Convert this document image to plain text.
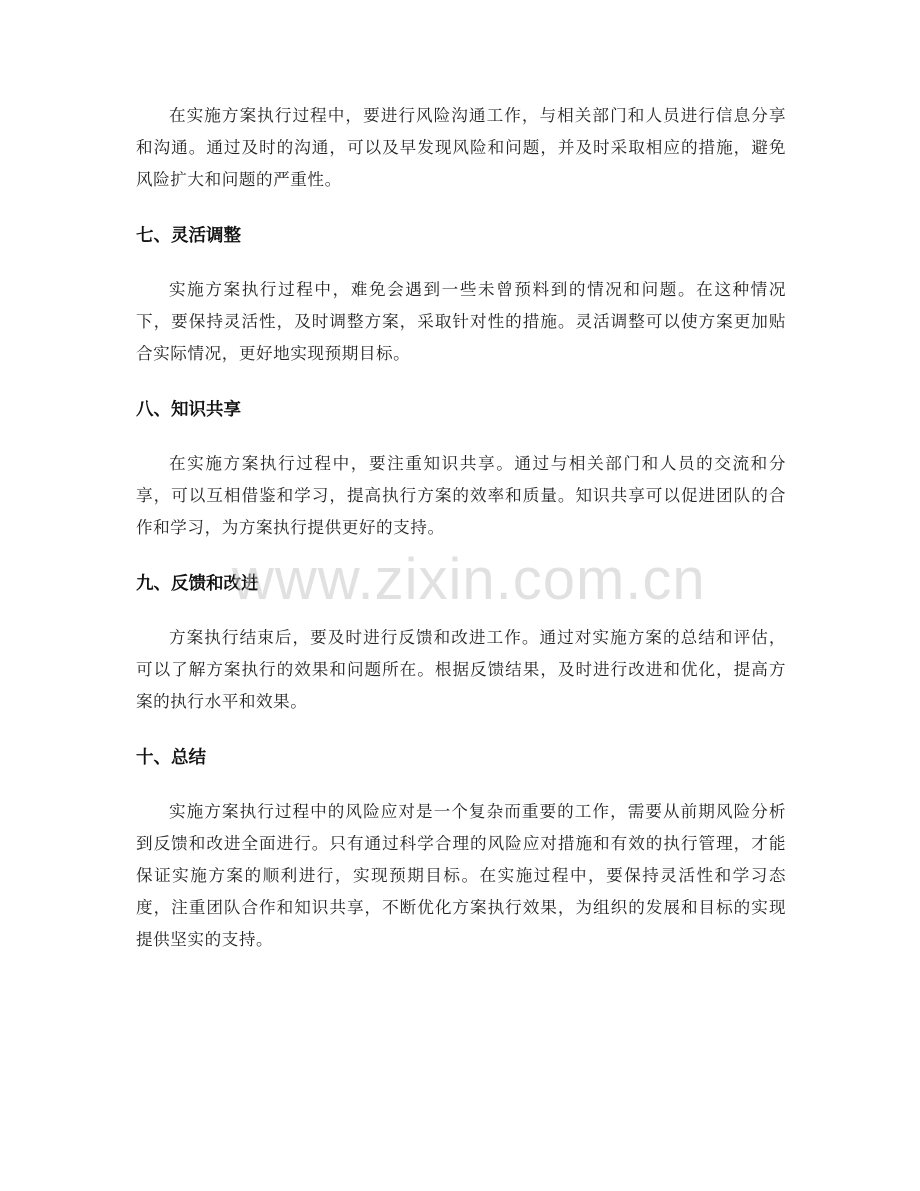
在实施方案执行过程中，要进行风险沟通工作，与相关部门和人员进行信息分享和沟通。通过及时的沟通，可以及早发现风险和问题，并及时采取相应的措施，避免风险扩大和问题的严重性。

七、灵活调整

实施方案执行过程中，难免会遇到一些未曾预料到的情况和问题。在这种情况下，要保持灵活性，及时调整方案，采取针对性的措施。灵活调整可以使方案更加贴合实际情况，更好地实现预期目标。

八、知识共享

在实施方案执行过程中，要注重知识共享。通过与相关部门和人员的交流和分享，可以互相借鉴和学习，提高执行方案的效率和质量。知识共享可以促进团队的合作和学习，为方案执行提供更好的支持。

九、反馈和改进

方案执行结束后，要及时进行反馈和改进工作。通过对实施方案的总结和评估，可以了解方案执行的效果和问题所在。根据反馈结果，及时进行改进和优化，提高方案的执行水平和效果。

十、总结

实施方案执行过程中的风险应对是一个复杂而重要的工作，需要从前期风险分析到反馈和改进全面进行。只有通过科学合理的风险应对措施和有效的执行管理，才能保证实施方案的顺利进行，实现预期目标。在实施过程中，要保持灵活性和学习态度，注重团队合作和知识共享，不断优化方案执行效果，为组织的发展和目标的实现提供坚实的支持。

www.zixin.com.cn
